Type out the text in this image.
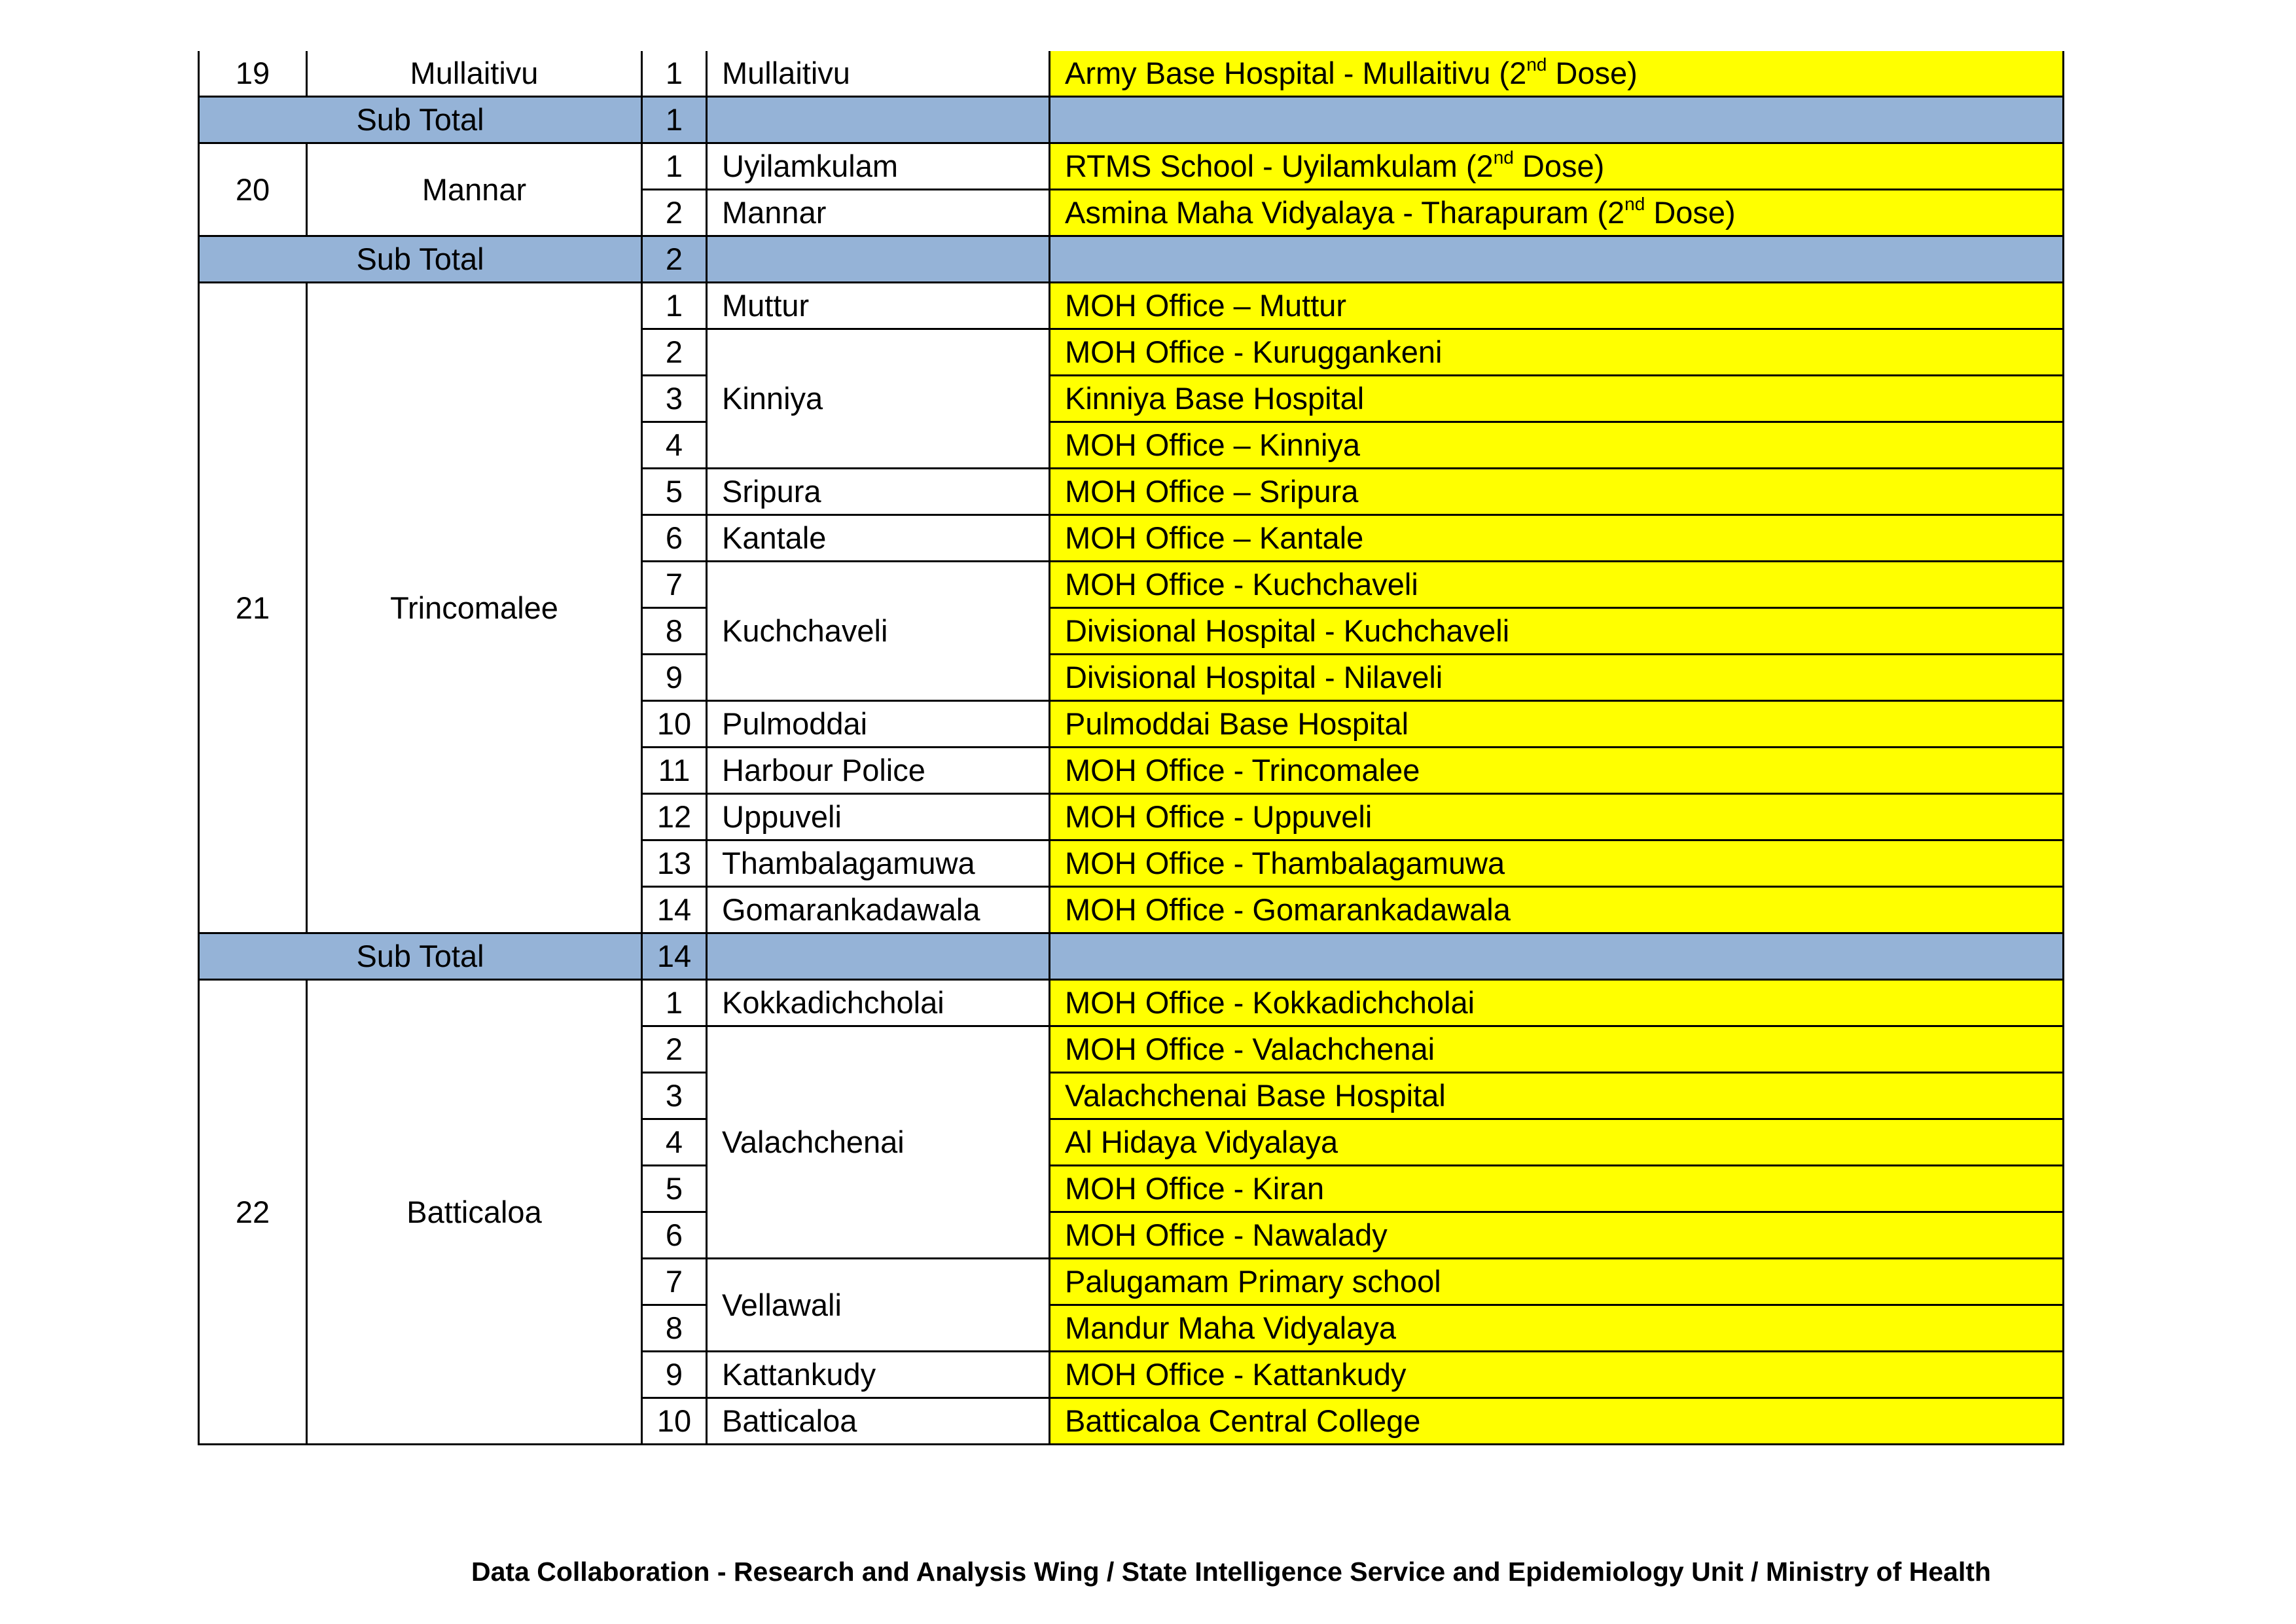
19	Mullaitivu	1	Mullaitivu	Army Base Hospital - Mullaitivu (2nd Dose)
Sub Total		1		
20	Mannar	1	Uyilamkulam	RTMS School - Uyilamkulam (2nd Dose)
		2	Mannar	Asmina Maha Vidyalaya - Tharapuram (2nd Dose)
Sub Total		2		
21	Trincomalee	1	Muttur	MOH Office – Muttur
		2	Kinniya	MOH Office - Kuruggankeni
		3		Kinniya Base Hospital
		4		MOH Office – Kinniya
		5	Sripura	MOH Office – Sripura
		6	Kantale	MOH Office – Kantale
		7	Kuchchaveli	MOH Office - Kuchchaveli
		8		Divisional Hospital - Kuchchaveli
		9		Divisional Hospital - Nilaveli
		10	Pulmoddai	Pulmoddai Base Hospital
		11	Harbour Police	MOH Office - Trincomalee
		12	Uppuveli	MOH Office - Uppuveli
		13	Thambalagamuwa	MOH Office - Thambalagamuwa
		14	Gomarankadawala	MOH Office - Gomarankadawala
Sub Total		14		
22	Batticaloa	1	Kokkadichcholai	MOH Office - Kokkadichcholai
		2	Valachchenai	MOH Office - Valachchenai
		3		Valachchenai Base Hospital
		4		Al Hidaya Vidyalaya
		5		MOH Office - Kiran
		6		MOH Office - Nawalady
		7	Vellawali	Palugamam Primary school
		8		Mandur Maha Vidyalaya
		9	Kattankudy	MOH Office - Kattankudy
		10	Batticaloa	Batticaloa Central College
Data Collaboration - Research and Analysis Wing / State Intelligence Service and Epidemiology Unit / Ministry of Health
